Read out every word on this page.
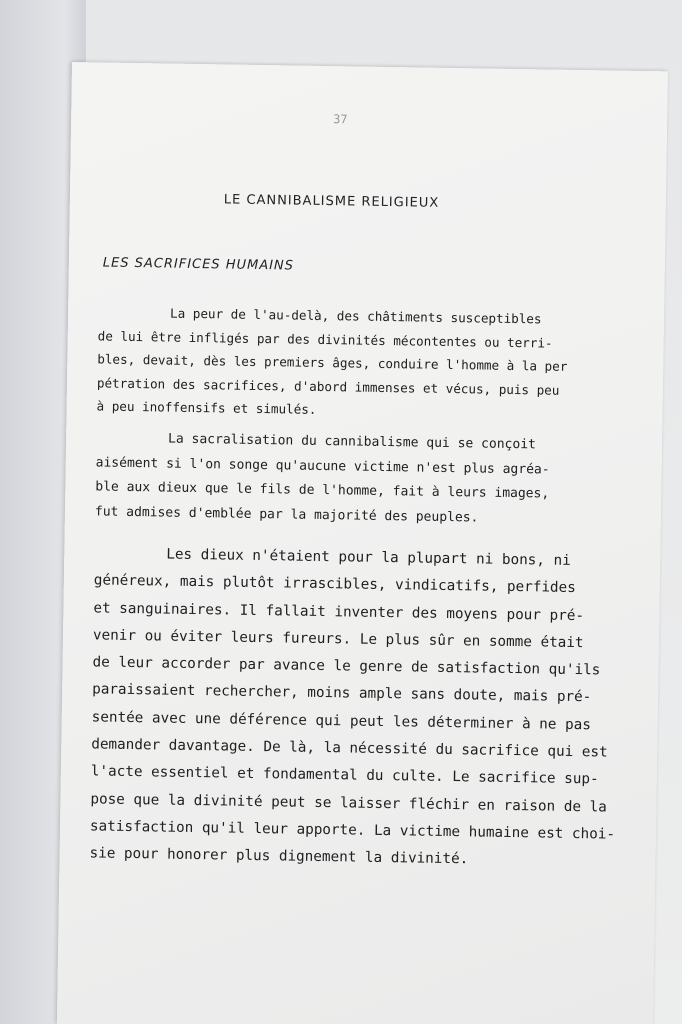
37
LE CANNIBALISME RELIGIEUX
LES SACRIFICES HUMAINS
La peur de l'au-delà, des châtiments susceptibles
de lui être infligés par des divinités mécontentes ou terri-
bles, devait, dès les premiers âges, conduire l'homme à la per
pétration des sacrifices, d'abord immenses et vécus, puis peu
à peu inoffensifs et simulés.
La sacralisation du cannibalisme qui se conçoit
aisément si l'on songe qu'aucune victime n'est plus agréa-
ble aux dieux que le fils de l'homme, fait à leurs images,
fut admises d'emblée par la majorité des peuples.
Les dieux n'étaient pour la plupart ni bons, ni
généreux, mais plutôt irrascibles, vindicatifs, perfides
et sanguinaires. Il fallait inventer des moyens pour pré-
venir ou éviter leurs fureurs. Le plus sûr en somme était
de leur accorder par avance le genre de satisfaction qu'ils
paraissaient rechercher, moins ample sans doute, mais pré-
sentée avec une déférence qui peut les déterminer à ne pas
demander davantage. De là, la nécessité du sacrifice qui est
l'acte essentiel et fondamental du culte. Le sacrifice sup-
pose que la divinité peut se laisser fléchir en raison de la
satisfaction qu'il leur apporte. La victime humaine est choi-
sie pour honorer plus dignement la divinité.
